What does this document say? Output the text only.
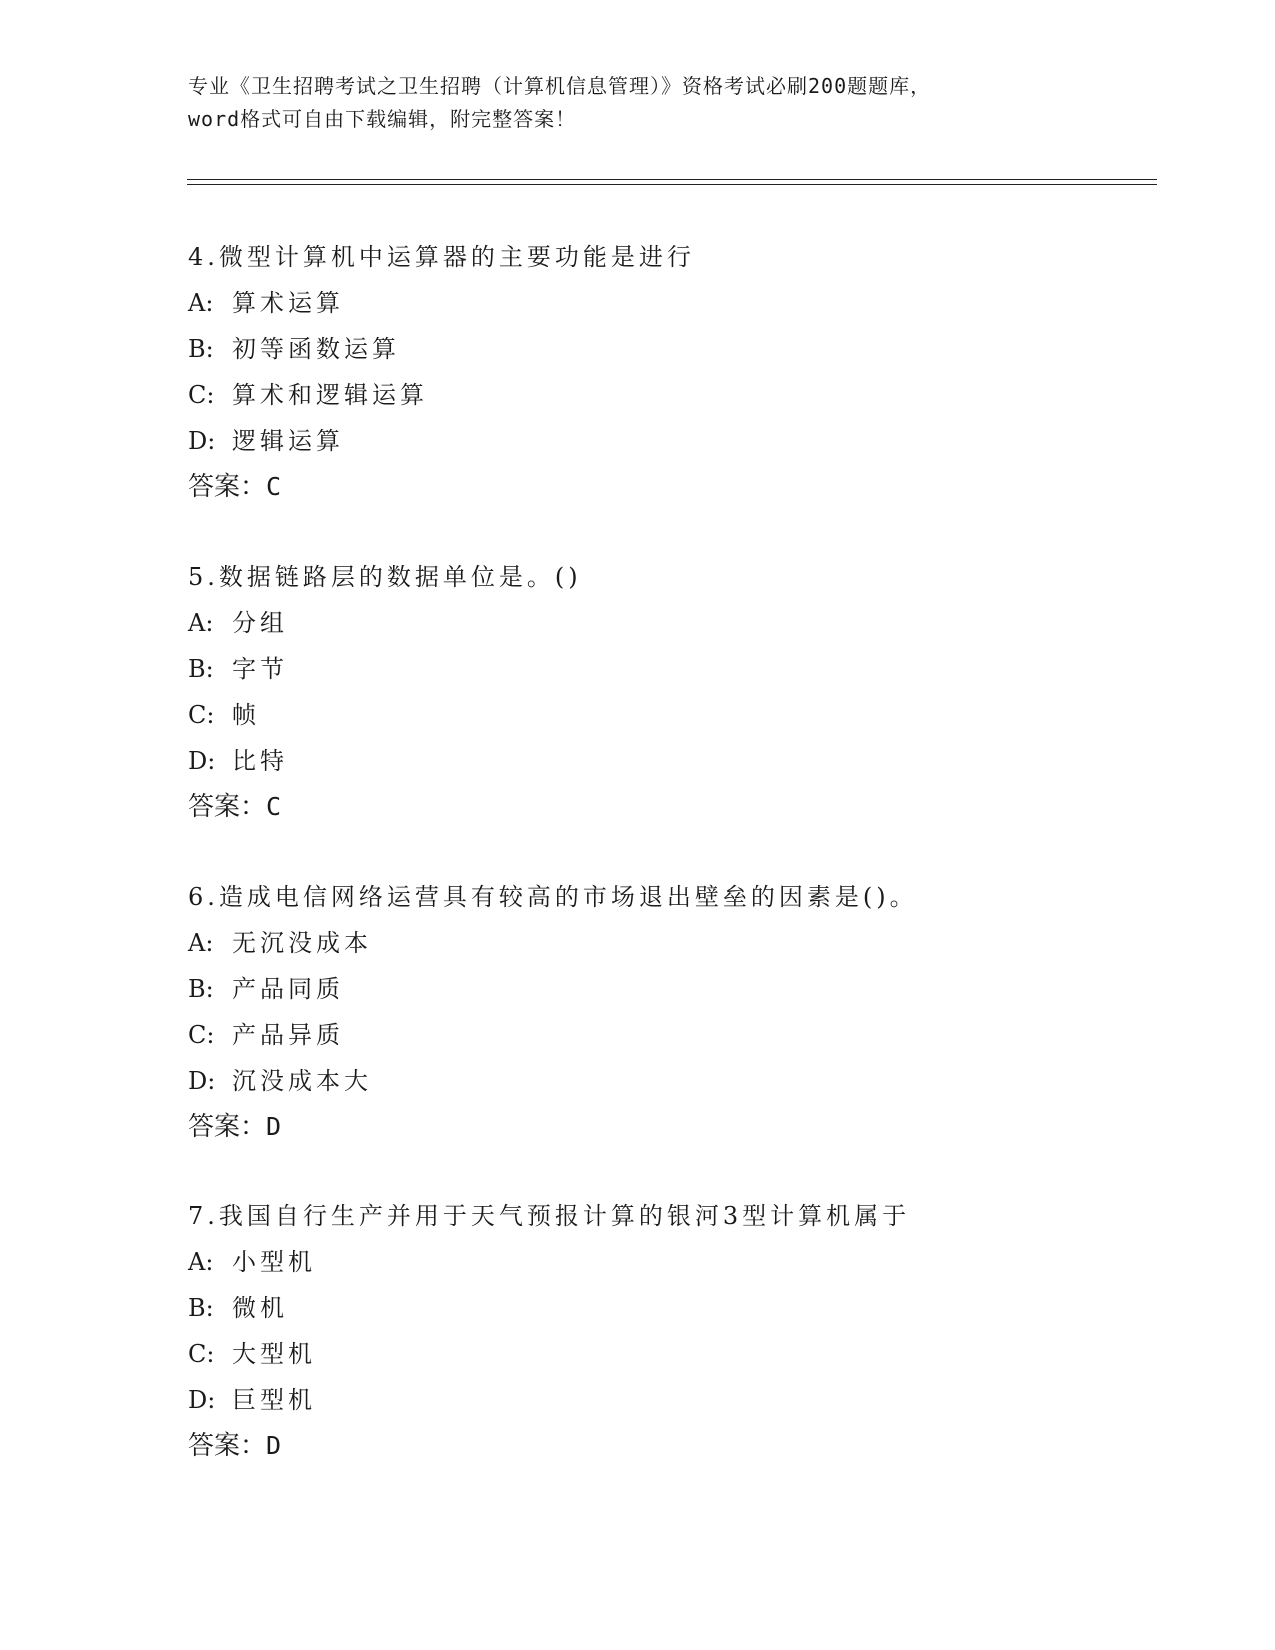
专业《卫生招聘考试之卫生招聘（计算机信息管理）》资格考试必刷200题题库，
word格式可自由下载编辑，附完整答案！
4.微型计算机中运算器的主要功能是进行
A: 算术运算
B: 初等函数运算
C: 算术和逻辑运算
D: 逻辑运算
答案：C
5.数据链路层的数据单位是。()
A: 分组
B: 字节
C: 帧
D: 比特
答案：C
6.造成电信网络运营具有较高的市场退出壁垒的因素是()。
A: 无沉没成本
B: 产品同质
C: 产品异质
D: 沉没成本大
答案：D
7.我国自行生产并用于天气预报计算的银河3型计算机属于
A: 小型机
B: 微机
C: 大型机
D: 巨型机
答案：D
